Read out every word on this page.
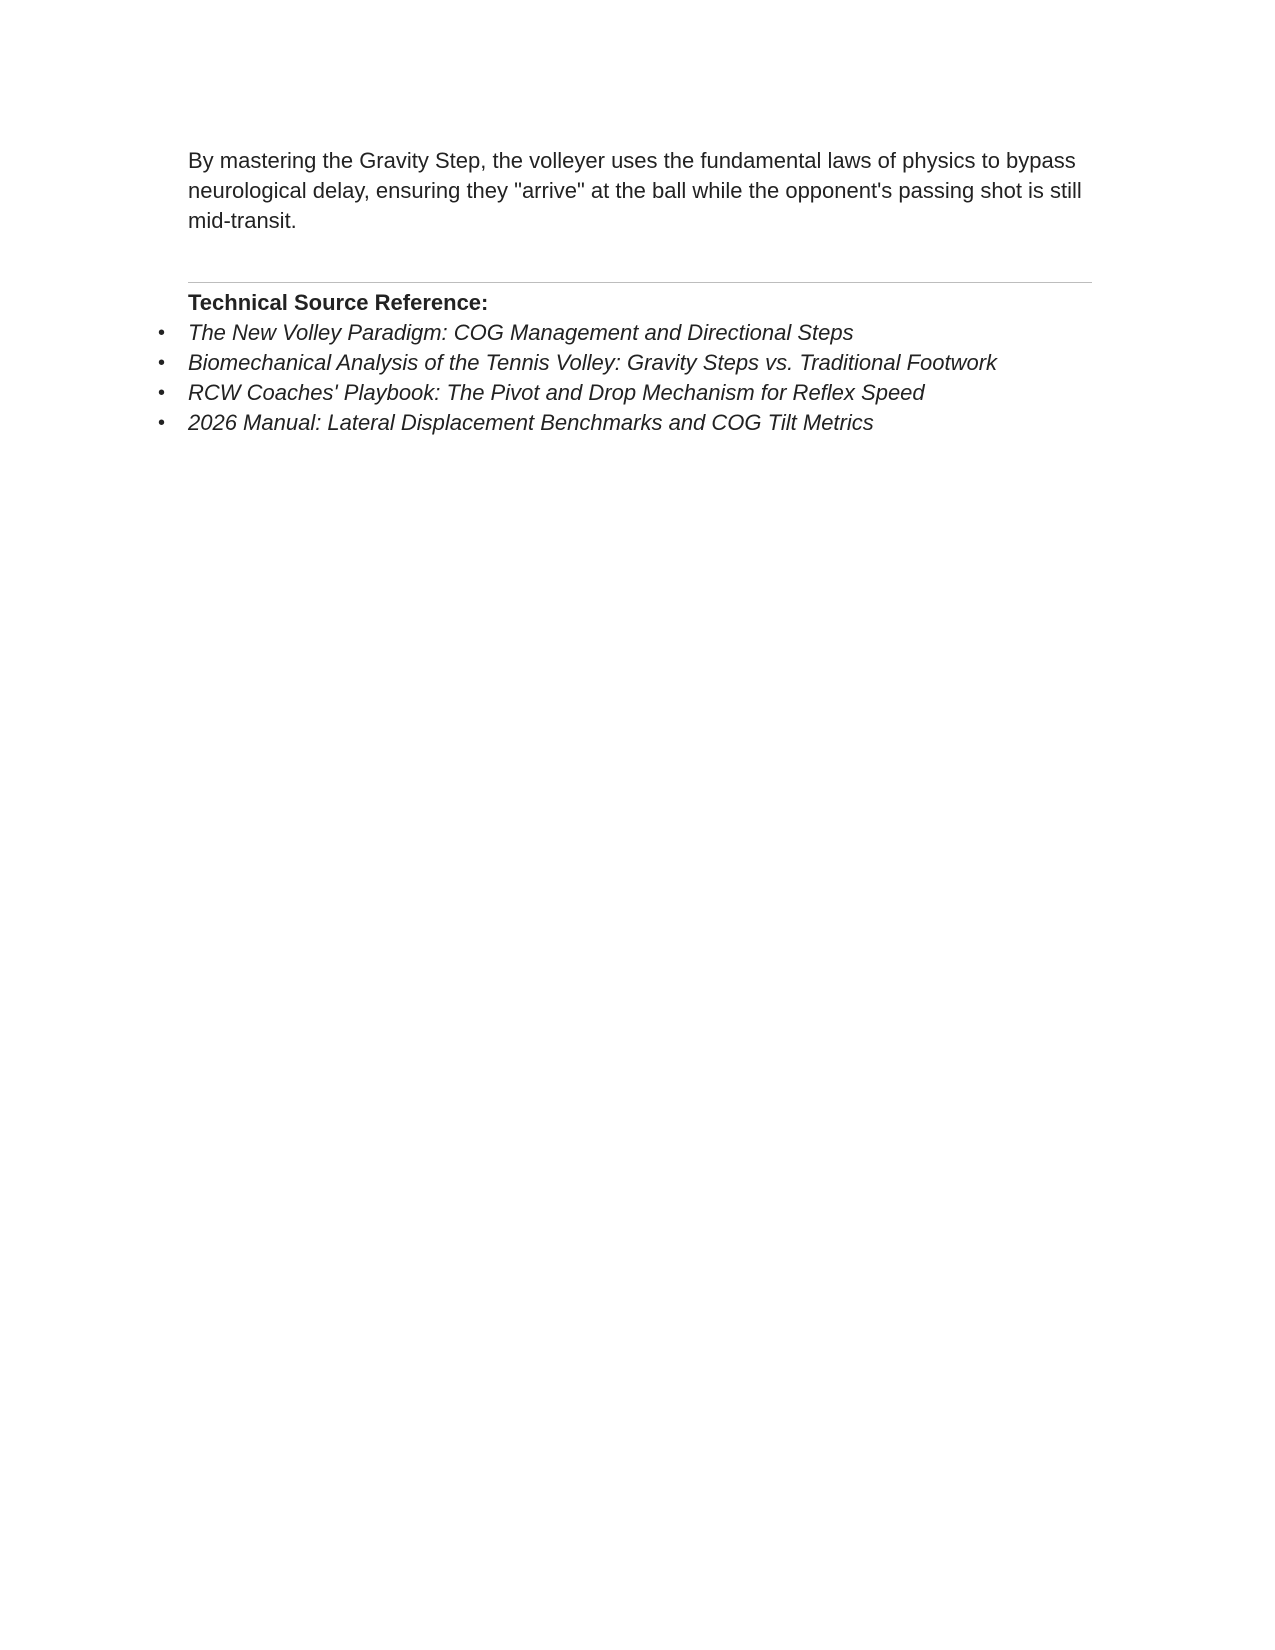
By mastering the Gravity Step, the volleyer uses the fundamental laws of physics to bypass neurological delay, ensuring they "arrive" at the ball while the opponent's passing shot is still mid-transit.

Technical Source Reference:
• The New Volley Paradigm: COG Management and Directional Steps
• Biomechanical Analysis of the Tennis Volley: Gravity Steps vs. Traditional Footwork
• RCW Coaches' Playbook: The Pivot and Drop Mechanism for Reflex Speed
• 2026 Manual: Lateral Displacement Benchmarks and COG Tilt Metrics
